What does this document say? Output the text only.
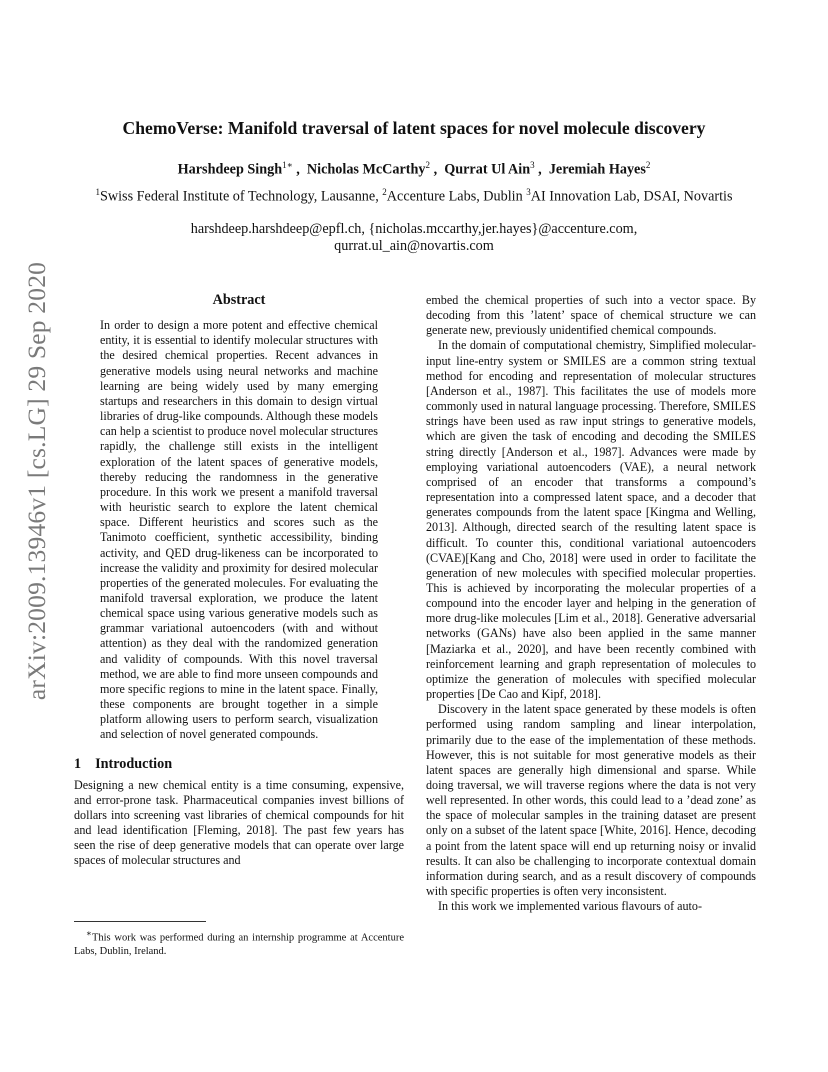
arXiv:2009.13946v1 [cs.LG] 29 Sep 2020
ChemoVerse: Manifold traversal of latent spaces for novel molecule discovery
Harshdeep Singh$^{1∗}$ ,  Nicholas McCarthy$^2$ ,  Qurrat Ul Ain$^3$ ,  Jeremiah Hayes$^2$
$^1$Swiss Federal Institute of Technology, Lausanne, $^2$Accenture Labs, Dublin $^3$AI Innovation Lab, DSAI, Novartis
harshdeep.harshdeep@epfl.ch, {nicholas.mccarthy,jer.hayes}@accenture.com,
qurrat.ul_ain@novartis.com
Abstract

In order to design a more potent and effective chemical entity, it is essential to identify molecular structures with the desired chemical properties. Recent advances in generative models using neural networks and machine learning are being widely used by many emerging startups and researchers in this domain to design virtual libraries of drug-like compounds. Although these models can help a scientist to produce novel molecular structures rapidly, the challenge still exists in the intelligent exploration of the latent spaces of generative models, thereby reducing the randomness in the generative procedure. In this work we present a manifold traversal with heuristic search to explore the latent chemical space. Different heuristics and scores such as the Tanimoto coefficient, synthetic accessibility, binding activity, and QED drug-likeness can be incorporated to increase the validity and proximity for desired molecular properties of the generated molecules. For evaluating the manifold traversal exploration, we produce the latent chemical space using various generative models such as grammar variational autoencoders (with and without attention) as they deal with the randomized generation and validity of compounds. With this novel traversal method, we are able to find more unseen compounds and more specific regions to mine in the latent space. Finally, these components are brought together in a simple platform allowing users to perform search, visualization and selection of novel generated compounds.

1 Introduction

Designing a new chemical entity is a time consuming, expensive, and error-prone task. Pharmaceutical companies invest billions of dollars into screening vast libraries of chemical compounds for hit and lead identification [Fleming, 2018]. The past few years has seen the rise of deep generative models that can operate over large spaces of molecular structures and

∗This work was performed during an internship programme at Accenture Labs, Dublin, Ireland.

embed the chemical properties of such into a vector space. By decoding from this ’latent’ space of chemical structure we can generate new, previously unidentified chemical compounds.

In the domain of computational chemistry, Simplified molecular-input line-entry system or SMILES are a common string textual method for encoding and representation of molecular structures [Anderson et al., 1987]. This facilitates the use of models more commonly used in natural language processing. Therefore, SMILES strings have been used as raw input strings to generative models, which are given the task of encoding and decoding the SMILES string directly [Anderson et al., 1987]. Advances were made by employing variational autoencoders (VAE), a neural network comprised of an encoder that transforms a compound’s representation into a compressed latent space, and a decoder that generates compounds from the latent space [Kingma and Welling, 2013]. Although, directed search of the resulting latent space is difficult. To counter this, conditional variational autoencoders (CVAE)[Kang and Cho, 2018] were used in order to facilitate the generation of new molecules with specified molecular properties. This is achieved by incorporating the molecular properties of a compound into the encoder layer and helping in the generation of more drug-like molecules [Lim et al., 2018]. Generative adversarial networks (GANs) have also been applied in the same manner [Maziarka et al., 2020], and have been recently combined with reinforcement learning and graph representation of molecules to optimize the generation of molecules with specified molecular properties [De Cao and Kipf, 2018].

Discovery in the latent space generated by these models is often performed using random sampling and linear interpolation, primarily due to the ease of the implementation of these methods. However, this is not suitable for most generative models as their latent spaces are generally high dimensional and sparse. While doing traversal, we will traverse regions where the data is not very well represented. In other words, this could lead to a ’dead zone’ as the space of molecular samples in the training dataset are present only on a subset of the latent space [White, 2016]. Hence, decoding a point from the latent space will end up returning noisy or invalid results. It can also be challenging to incorporate contextual domain information during search, and as a result discovery of compounds with specific properties is often very inconsistent.

In this work we implemented various flavours of auto-
